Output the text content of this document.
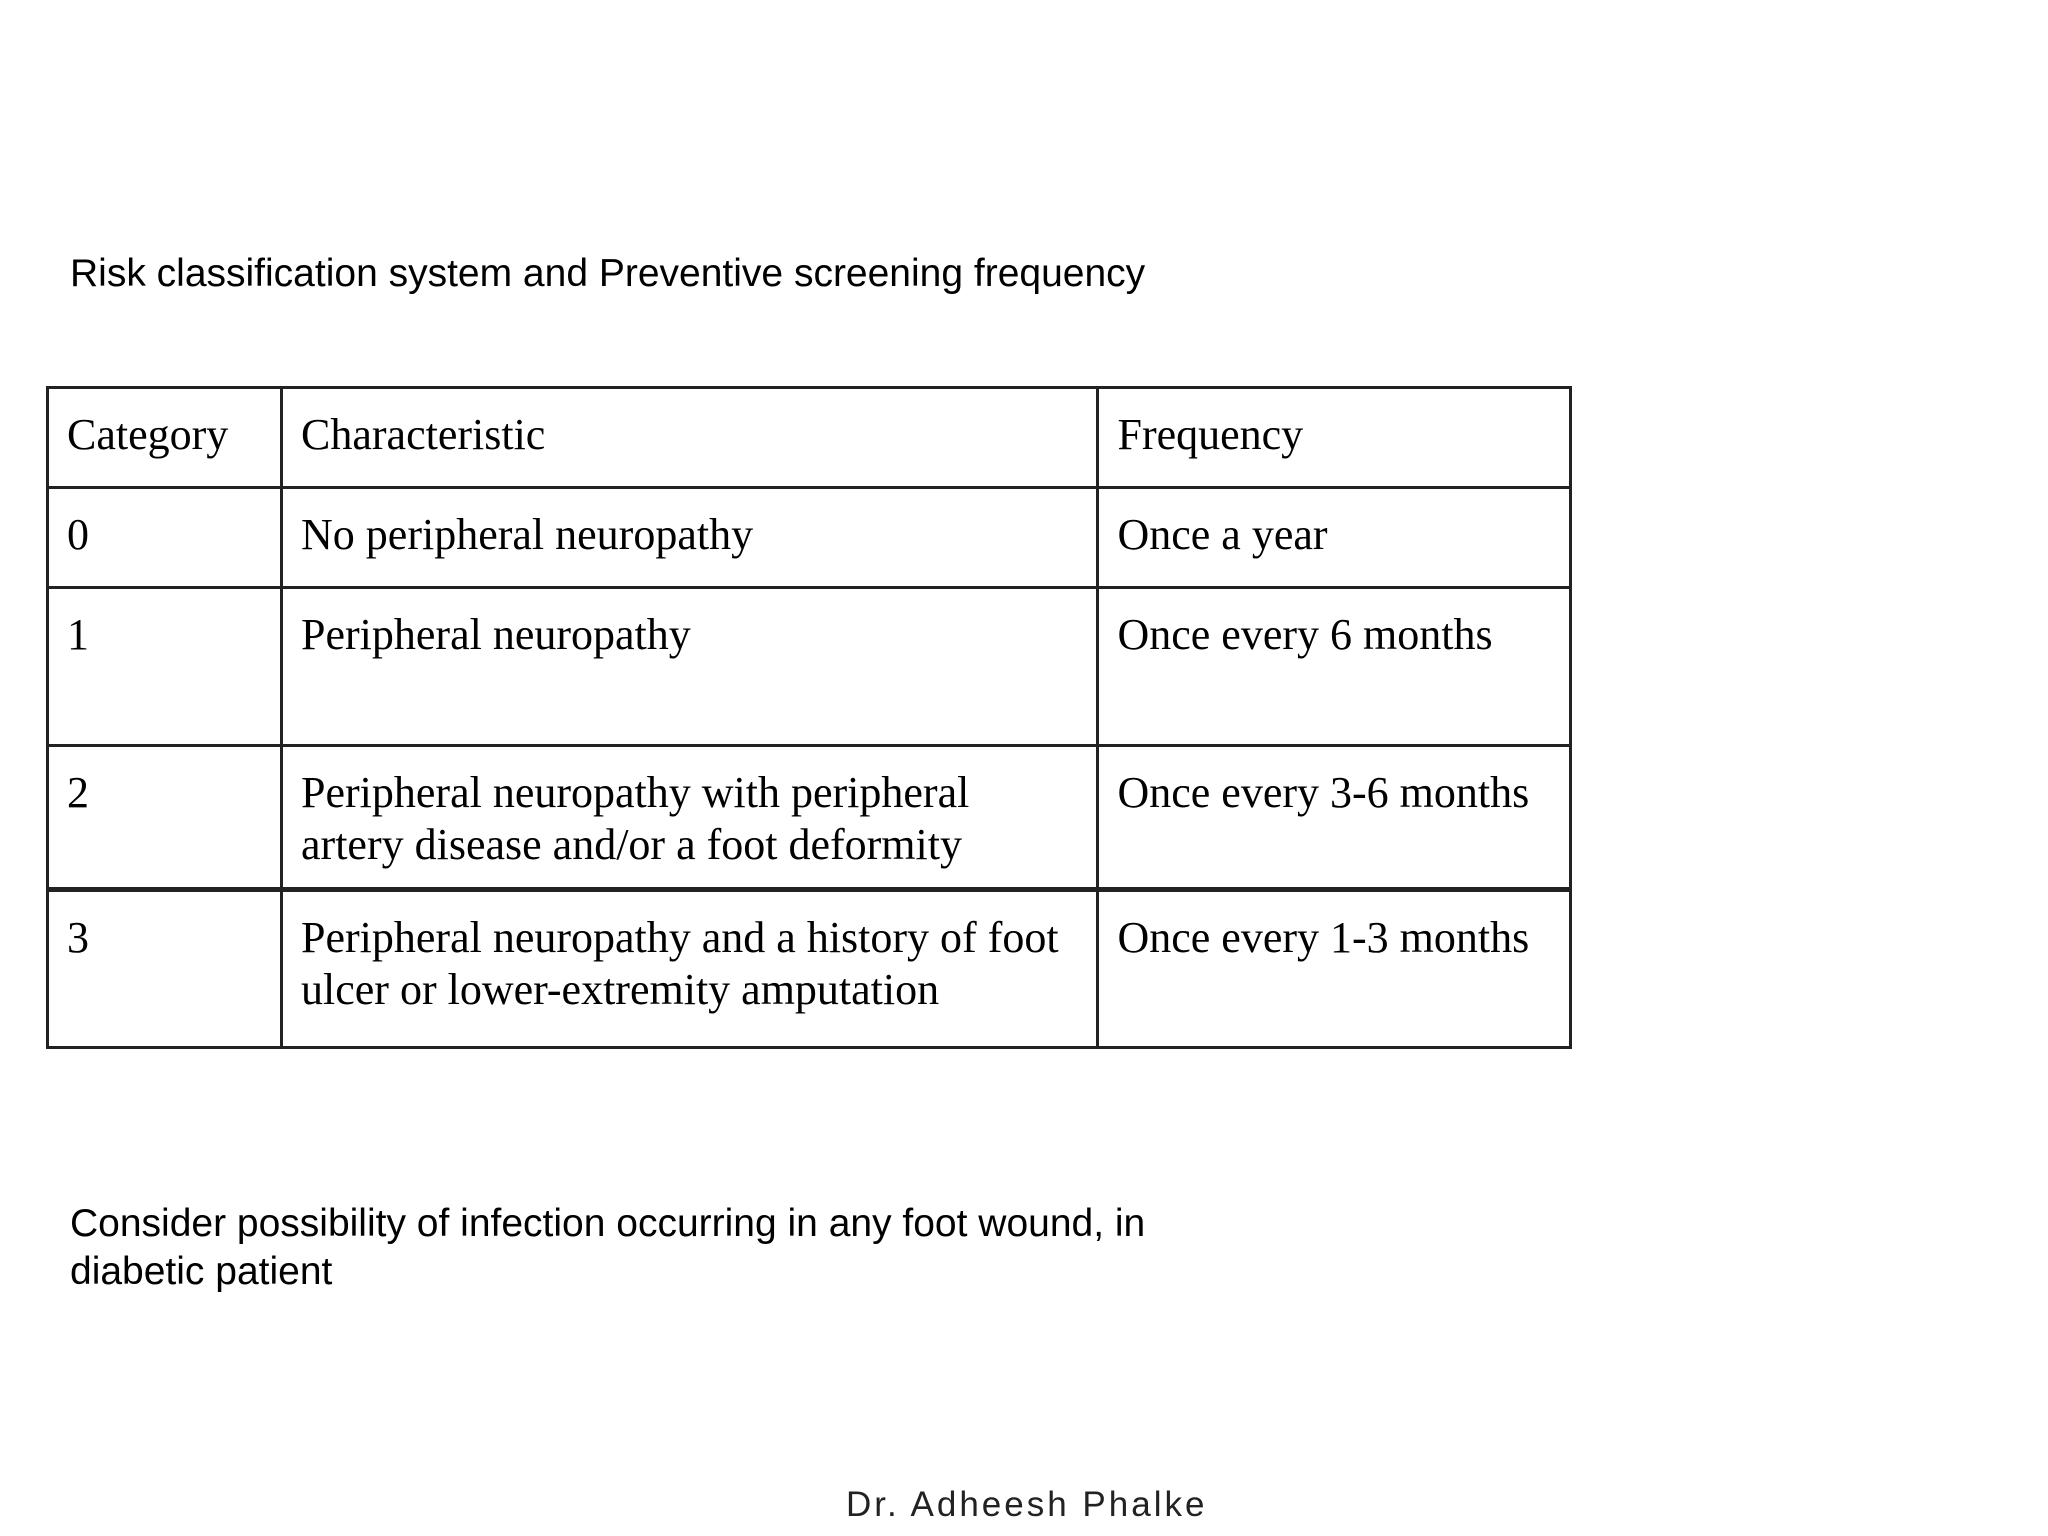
Risk classification system and Preventive screening frequency
Category	Characteristic	Frequency
0	No peripheral neuropathy	Once a year
1	Peripheral neuropathy	Once every 6 months
2	Peripheral neuropathy with peripheral artery disease and/or a foot deformity	Once every 3-6 months
3	Peripheral neuropathy and a history of foot ulcer or lower-extremity amputation	Once every 1-3 months
Consider possibility of infection occurring in any foot wound, in diabetic patient
Dr. Adheesh Phalke
